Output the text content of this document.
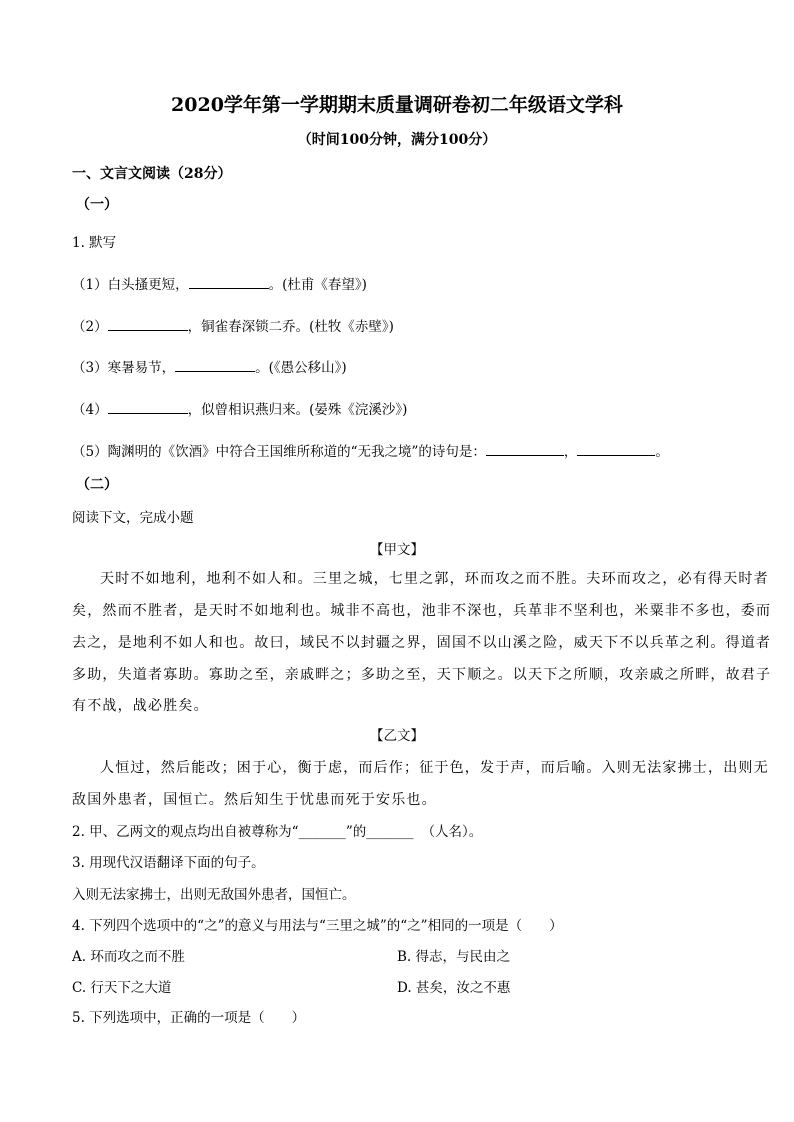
2020学年第一学期期末质量调研卷初二年级语文学科
（时间100分钟，满分100分）
一、文言文阅读（28分）
（一）
1. 默写
（1）白头搔更短，	。(杜甫《春望》)
（2）	，铜雀春深锁二乔。(杜牧《赤壁》)
（3）寒暑易节，	。(《愚公移山》)
（4）	，似曾相识燕归来。(晏殊《浣溪沙》)
（5）陶渊明的《饮酒》中符合王国维所称道的“无我之境”的诗句是：	，	。
（二）
阅读下文，完成小题
【甲文】
天时不如地利，地利不如人和。三里之城，七里之郭，环而攻之而不胜。夫环而攻之，必有得天时者
矣，然而不胜者，是天时不如地利也。城非不高也，池非不深也，兵革非不坚利也，米粟非不多也，委而
去之，是地利不如人和也。故曰，域民不以封疆之界，固国不以山溪之险，威天下不以兵革之利。得道者
多助，失道者寡助。寡助之至，亲戚畔之；多助之至，天下顺之。以天下之所顺，攻亲戚之所畔，故君子
有不战，战必胜矣。
【乙文】
人恒过，然后能改；困于心，衡于虑，而后作；征于色，发于声，而后喻。入则无法家拂士，出则无
敌国外患者，国恒亡。然后知生于忧患而死于安乐也。
2. 甲、乙两文的观点均出自被尊称为“_______”的_______ （人名）。
3. 用现代汉语翻译下面的句子。
入则无法家拂士，出则无敌国外患者，国恒亡。
4. 下列四个选项中的“之”的意义与用法与“三里之城”的“之”相同的一项是（　　）
A. 环而攻之而不胜	B. 得志，与民由之
C. 行天下之大道	D. 甚矣，汝之不惠
5. 下列选项中，正确的一项是（　　）
